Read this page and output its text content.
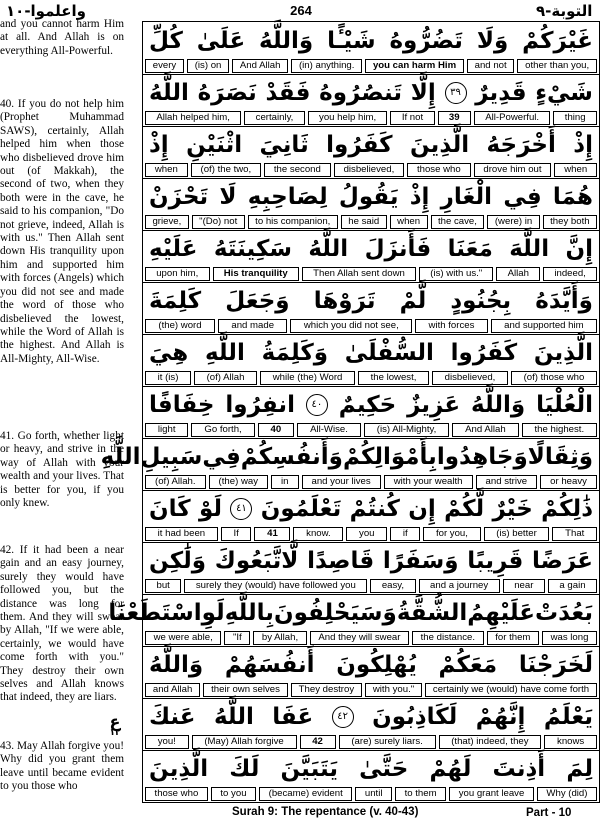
واعلموا-١٠	264	التوبة-٩
and you cannot harm Him at all. And Allah is on everything All-Powerful.
40. If you do not help him (Prophet Muhammad SAWS), certainly, Allah helped him when those who disbelieved drove him out (of Makkah), the second of two, when they both were in the cave, he said to his companion, "Do not grieve, indeed, Allah is with us." Then Allah sent down His tranquility upon him and supported him with forces (Angels) which you did not see and made the word of those who disbelieved the lowest, while the Word of Allah is the highest. And Allah is All-Mighty, All-Wise.
41. Go forth, whether light or heavy, and strive in the way of Allah with your wealth and your lives. That is better for you, if you only knew.
42. If it had been a near gain and an easy journey, surely they would have followed you, but the distance was long for them. And they will swear by Allah, "If we were able, certainly, we would have come forth with you." They destroy their own selves and Allah knows that indeed, they are liars.
43. May Allah forgive you! Why did you grant them leave until became evident to you those who
ع
١٢
غَيْرَكُمْ
وَلَا
تَضُرُّوهُ
شَيْـًٔا
وَاللَّهُ
عَلَىٰ
كُلِّ
every	(is) on	And Allah	(in) anything.	you can harm Him	and not	other than you,
شَيْءٍ
قَدِيرٌ
٣٩
إِلَّا
تَنصُرُوهُ
فَقَدْ
نَصَرَهُ
اللَّهُ
Allah helped him,	certainly,	you help him,	If not	39	All-Powerful.	thing
إِذْ
أَخْرَجَهُ
الَّذِينَ
كَفَرُوا
ثَانِيَ
اثْنَيْنِ
إِذْ
when	(of) the two,	the second	disbelieved,	those who	drove him out	when
هُمَا
فِي
الْغَارِ
إِذْ
يَقُولُ
لِصَاحِبِهِ
لَا
تَحْزَنْ
grieve,	"(Do) not	to his companion,	he said	when	the cave,	(were) in	they both
إِنَّ
اللَّهَ
مَعَنَا
فَأَنزَلَ
اللَّهُ
سَكِينَتَهُ
عَلَيْهِ
upon him,	His tranquility	Then Allah sent down	(is) with us."	Allah	indeed,
وَأَيَّدَهُ
بِجُنُودٍ
لَّمْ
تَرَوْهَا
وَجَعَلَ
كَلِمَةَ
(the) word	and made	which you did not see,	with forces	and supported him
الَّذِينَ
كَفَرُوا
السُّفْلَىٰ
وَكَلِمَةُ
اللَّهِ
هِيَ
it (is)	(of) Allah	while (the) Word	the lowest,	disbelieved,	(of) those who
الْعُلْيَا
وَاللَّهُ
عَزِيزٌ
حَكِيمٌ
٤٠
انفِرُوا
خِفَافًا
light	Go forth,	40	All-Wise.	(is) All-Mighty,	And Allah	the highest.
وَثِقَالًا
وَجَاهِدُوا
بِأَمْوَالِكُمْ
وَأَنفُسِكُمْ
فِي
سَبِيلِ
اللَّهِ
(of) Allah.	(the) way	in	and your lives	with your wealth	and strive	or heavy
ذَٰلِكُمْ
خَيْرٌ
لَّكُمْ
إِن
كُنتُمْ
تَعْلَمُونَ
٤١
لَوْ
كَانَ
it had been	If	41	know.	you	if	for you,	(is) better	That
عَرَضًا
قَرِيبًا
وَسَفَرًا
قَاصِدًا
لَّاتَّبَعُوكَ
وَلَٰكِن
but	surely they (would) have followed you	easy,	and a journey	near	a gain
بَعُدَتْ
عَلَيْهِمُ
الشُّقَّةُ
وَسَيَحْلِفُونَ
بِاللَّهِ
لَوِ
اسْتَطَعْنَا
we were able,	"If	by Allah,	And they will swear	the distance.	for them	was long
لَخَرَجْنَا
مَعَكُمْ
يُهْلِكُونَ
أَنفُسَهُمْ
وَاللَّهُ
and Allah	their own selves	They destroy	with you."	certainly we (would) have come forth
يَعْلَمُ
إِنَّهُمْ
لَكَاذِبُونَ
٤٢
عَفَا
اللَّهُ
عَنكَ
you!	(May) Allah forgive	42	(are) surely liars.	(that) indeed, they	knows
لِمَ
أَذِنتَ
لَهُمْ
حَتَّىٰ
يَتَبَيَّنَ
لَكَ
الَّذِينَ
those who	to you	(became) evident	until	to them	you grant leave	Why (did)
Surah 9: The repentance (v. 40-43)	Part - 10
